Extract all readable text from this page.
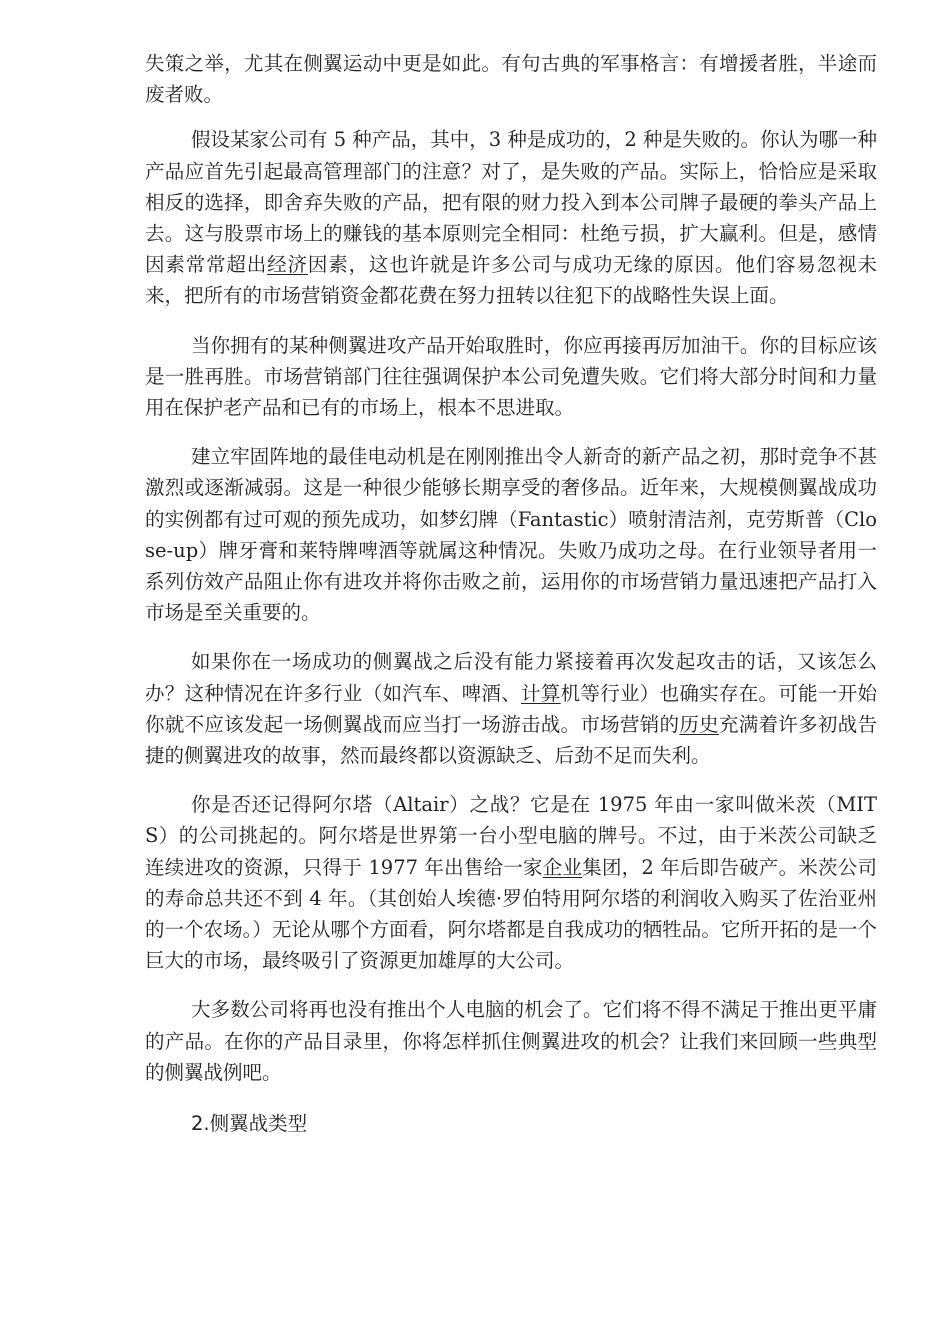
失策之举，尤其在侧翼运动中更是如此。有句古典的军事格言：有增援者胜，半途而废者败。

假设某家公司有 5 种产品，其中，3 种是成功的，2 种是失败的。你认为哪一种产品应首先引起最高管理部门的注意？对了，是失败的产品。实际上，恰恰应是采取相反的选择，即舍弃失败的产品，把有限的财力投入到本公司牌子最硬的拳头产品上去。这与股票市场上的赚钱的基本原则完全相同：杜绝亏损，扩大赢利。但是，感情因素常常超出经济因素，这也许就是许多公司与成功无缘的原因。他们容易忽视未来，把所有的市场营销资金都花费在努力扭转以往犯下的战略性失误上面。

当你拥有的某种侧翼进攻产品开始取胜时，你应再接再厉加油干。你的目标应该是一胜再胜。市场营销部门往往强调保护本公司免遭失败。它们将大部分时间和力量用在保护老产品和已有的市场上，根本不思进取。

建立牢固阵地的最佳电动机是在刚刚推出令人新奇的新产品之初，那时竞争不甚激烈或逐渐减弱。这是一种很少能够长期享受的奢侈品。近年来，大规模侧翼战成功的实例都有过可观的预先成功，如梦幻牌（Fantastic）喷射清洁剂，克劳斯普（Close-up）牌牙膏和莱特牌啤酒等就属这种情况。失败乃成功之母。在行业领导者用一系列仿效产品阻止你有进攻并将你击败之前，运用你的市场营销力量迅速把产品打入市场是至关重要的。

如果你在一场成功的侧翼战之后没有能力紧接着再次发起攻击的话，又该怎么办？这种情况在许多行业（如汽车、啤酒、计算机等行业）也确实存在。可能一开始你就不应该发起一场侧翼战而应当打一场游击战。市场营销的历史充满着许多初战告捷的侧翼进攻的故事，然而最终都以资源缺乏、后劲不足而失利。

你是否还记得阿尔塔（Altair）之战？它是在 1975 年由一家叫做米茨（MITS）的公司挑起的。阿尔塔是世界第一台小型电脑的牌号。不过，由于米茨公司缺乏连续进攻的资源，只得于 1977 年出售给一家企业集团，2 年后即告破产。米茨公司的寿命总共还不到 4 年。（其创始人埃德·罗伯特用阿尔塔的利润收入购买了佐治亚州的一个农场。）无论从哪个方面看，阿尔塔都是自我成功的牺牲品。它所开拓的是一个巨大的市场，最终吸引了资源更加雄厚的大公司。

大多数公司将再也没有推出个人电脑的机会了。它们将不得不满足于推出更平庸的产品。在你的产品目录里，你将怎样抓住侧翼进攻的机会？让我们来回顾一些典型的侧翼战例吧。

2.侧翼战类型
